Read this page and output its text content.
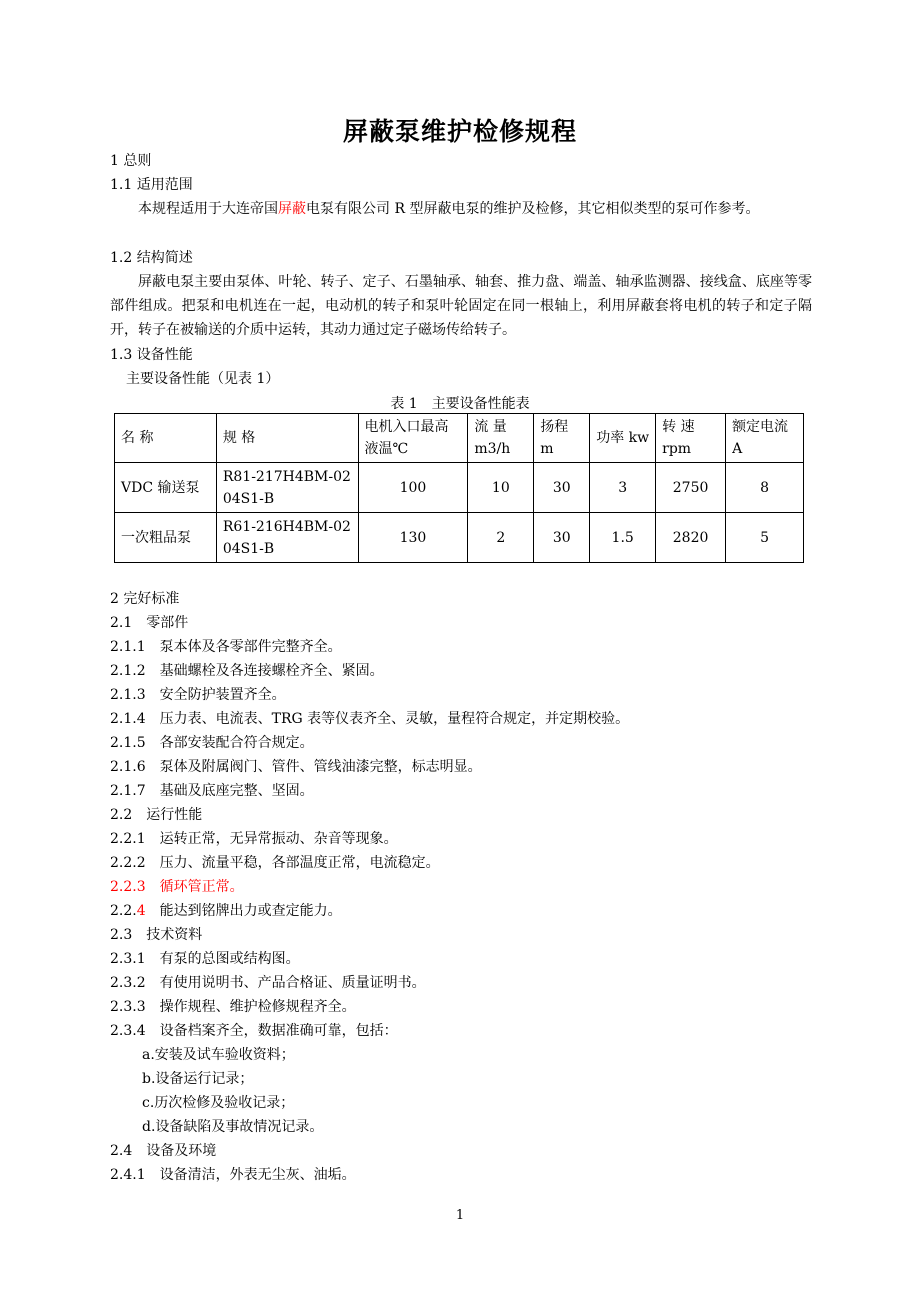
屏蔽泵维护检修规程
1 总则
1.1 适用范围
本规程适用于大连帝国屏蔽电泵有限公司 R 型屏蔽电泵的维护及检修，其它相似类型的泵可作参考。
1.2 结构简述
屏蔽电泵主要由泵体、叶轮、转子、定子、石墨轴承、轴套、推力盘、端盖、轴承监测器、接线盒、底座等零部件组成。把泵和电机连在一起，电动机的转子和泵叶轮固定在同一根轴上，利用屏蔽套将电机的转子和定子隔开，转子在被输送的介质中运转，其动力通过定子磁场传给转子。
1.3 设备性能
主要设备性能（见表 1）
表 1　主要设备性能表
名 称	规 格	电机入口最高液温℃	流 量 m3/h	扬程 m	功率 kw	转 速 rpm	额定电流 A
VDC 输送泵	R81-217H4BM-0204S1-B	100	10	30	3	2750	8
一次粗品泵	R61-216H4BM-0204S1-B	130	2	30	1.5	2820	5
2 完好标准
2.1　零部件
2.1.1　泵本体及各零部件完整齐全。
2.1.2　基础螺栓及各连接螺栓齐全、紧固。
2.1.3　安全防护装置齐全。
2.1.4　压力表、电流表、TRG 表等仪表齐全、灵敏，量程符合规定，并定期校验。
2.1.5　各部安装配合符合规定。
2.1.6　泵体及附属阀门、管件、管线油漆完整，标志明显。
2.1.7　基础及底座完整、坚固。
2.2　运行性能
2.2.1　运转正常，无异常振动、杂音等现象。
2.2.2　压力、流量平稳，各部温度正常，电流稳定。
2.2.3　循环管正常。
2.2.4　能达到铭牌出力或查定能力。
2.3　技术资料
2.3.1　有泵的总图或结构图。
2.3.2　有使用说明书、产品合格证、质量证明书。
2.3.3　操作规程、维护检修规程齐全。
2.3.4　设备档案齐全，数据准确可靠，包括：
a.安装及试车验收资料；
b.设备运行记录；
c.历次检修及验收记录；
d.设备缺陷及事故情况记录。
2.4　设备及环境
2.4.1　设备清洁，外表无尘灰、油垢。
1
